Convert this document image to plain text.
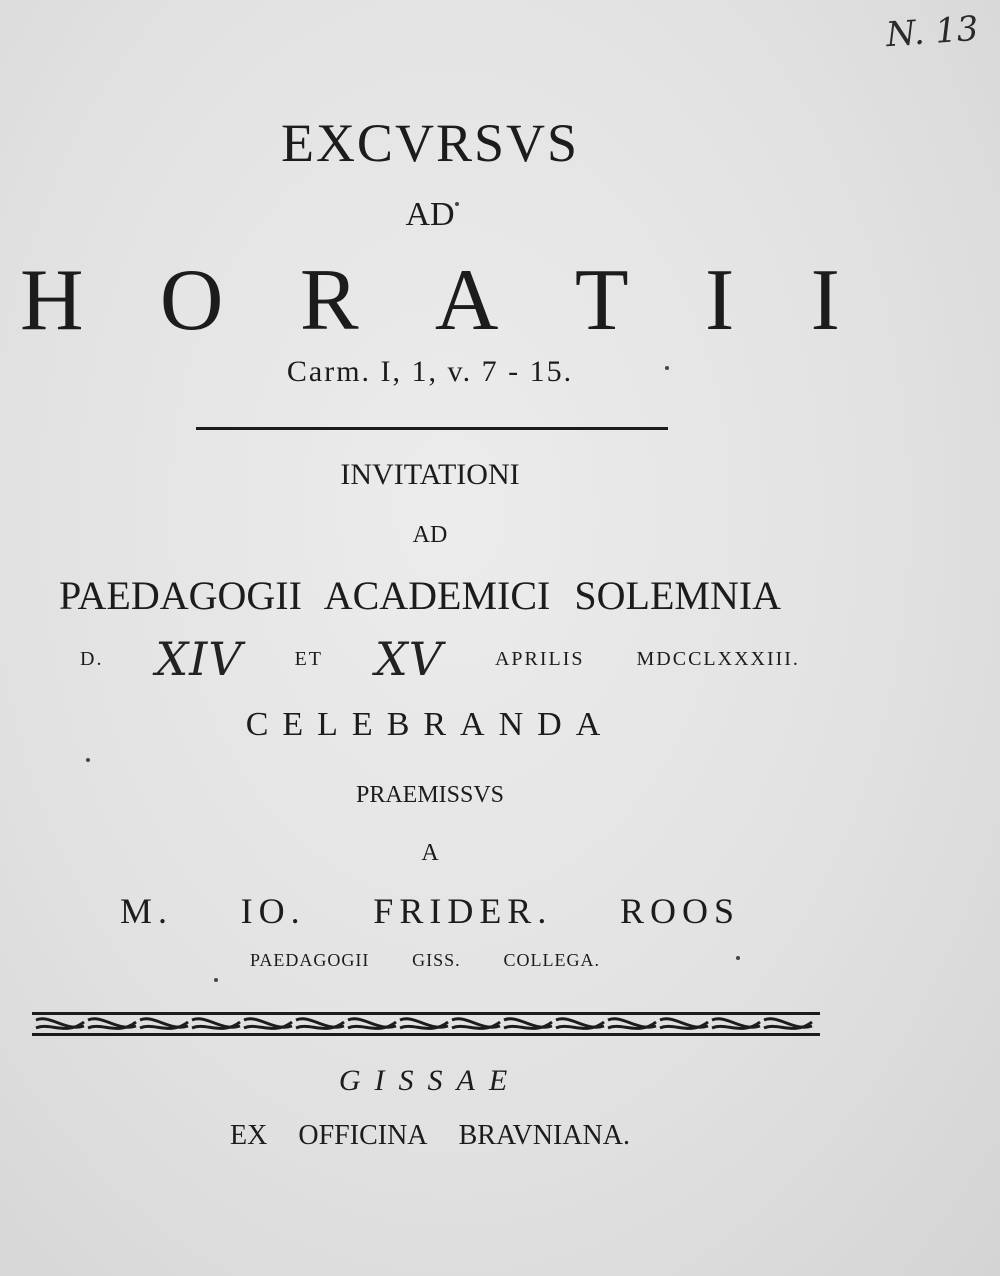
N. 13
EXCVRSVS
AD
H O R A T I I
Carm. I, 1, v. 7 - 15.
INVITATIONI
AD
PAEDAGOGII ACADEMICI SOLEMNIA
D. XIV	ET XV	APRILIS	MDCCLXXXIII.
CELEBRANDA
PRAEMISSVS
A
M. IO. FRIDER. ROOS
PAEDAGOGII GISS. COLLEGA.
GISSAE
EX OFFICINA BRAVNIANA.
